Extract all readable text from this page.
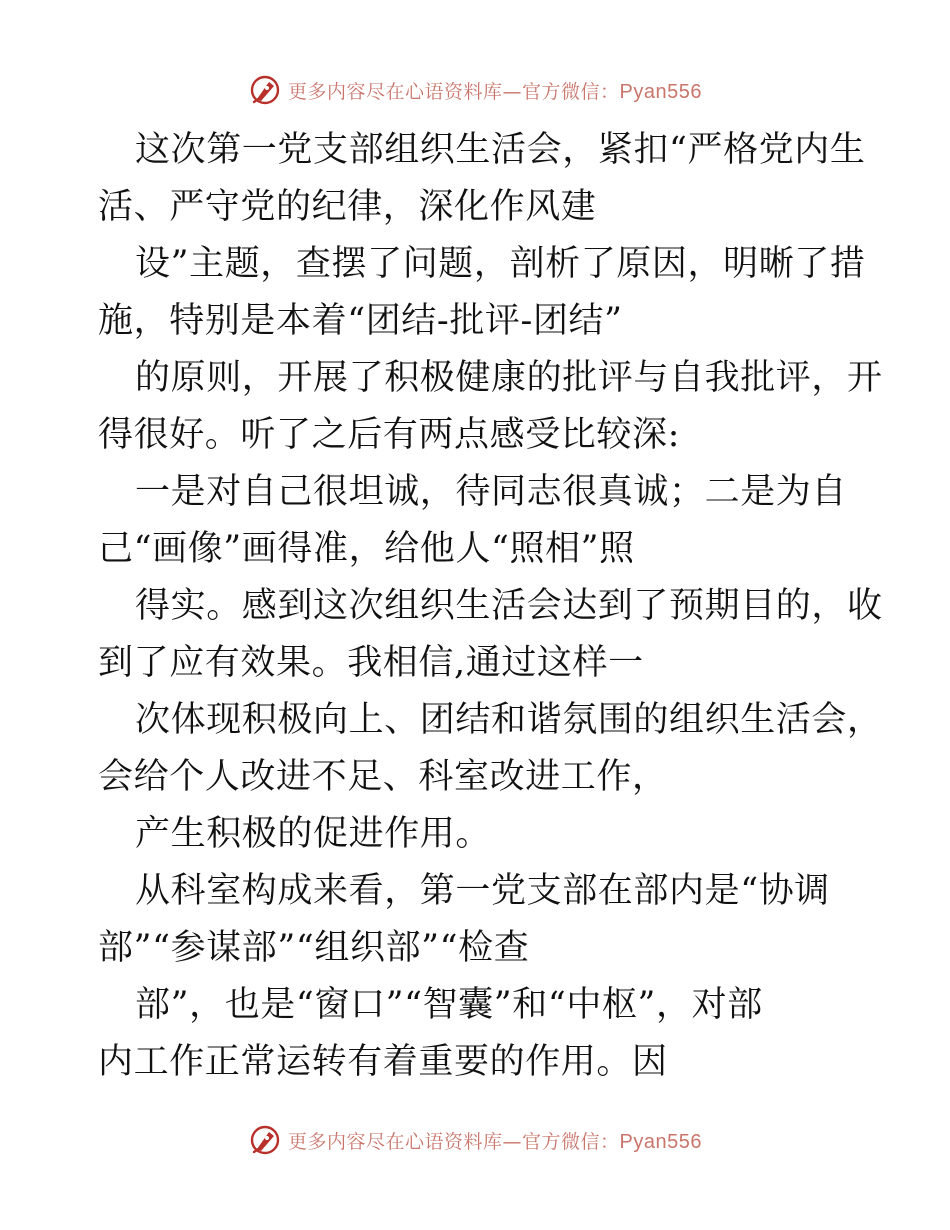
更多内容尽在心语资料库—官方微信：Pyan556
这次第一党支部组织生活会，紧扣“严格党内生
活、严守党的纪律，深化作风建
设”主题，查摆了问题，剖析了原因，明晰了措
施，特别是本着“团结-批评-团结”
的原则，开展了积极健康的批评与自我批评，开
得很好。听了之后有两点感受比较深:
一是对自己很坦诚，待同志很真诚；二是为自
己“画像”画得准，给他人“照相”照
得实。感到这次组织生活会达到了预期目的，收
到了应有效果。我相信,通过这样一
次体现积极向上、团结和谐氛围的组织生活会，
会给个人改进不足、科室改进工作，
产生积极的促进作用。
从科室构成来看，第一党支部在部内是“协调
部”“参谋部”“组织部”“检查
部”，也是“窗口”“智囊”和“中枢”，对部
内工作正常运转有着重要的作用。因
更多内容尽在心语资料库—官方微信：Pyan556
